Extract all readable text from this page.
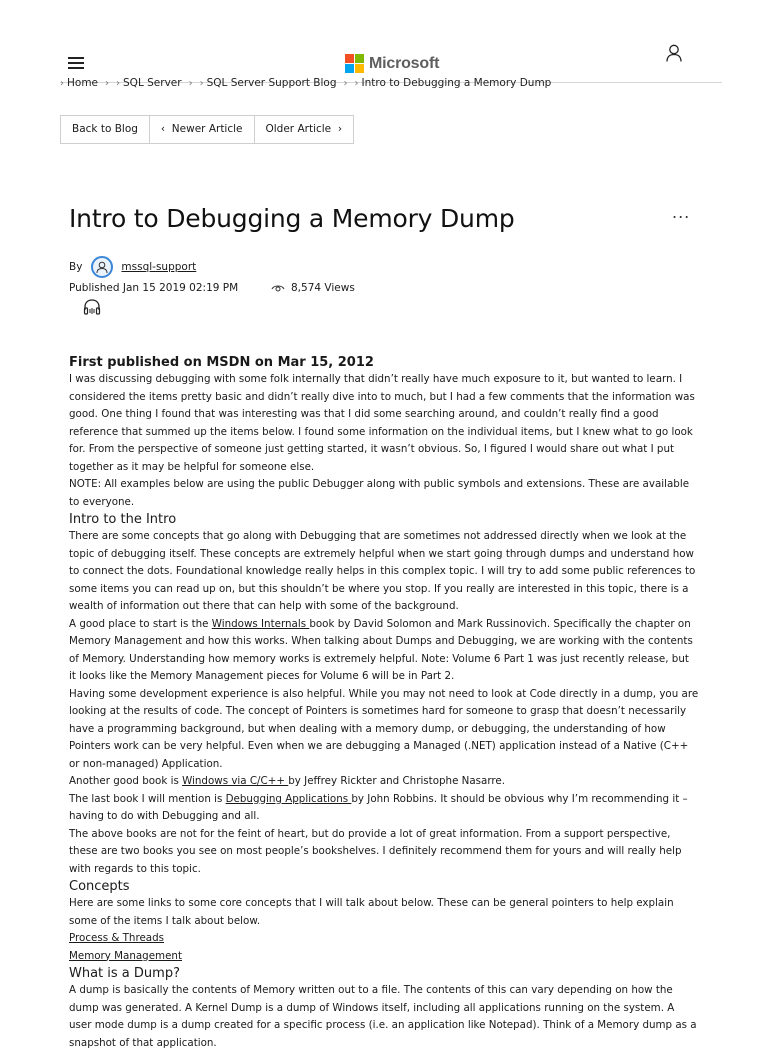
Microsoft
› Home › › SQL Server › › SQL Server Support Blog › › Intro to Debugging a Memory Dump
Back to Blog	‹  Newer Article	Older Article  ›
Intro to Debugging a Memory Dump	...
By	mssql-support
Published Jan 15 2019 02:19 PM	8,574 Views
First published on MSDN on Mar 15, 2012

I was discussing debugging with some folk internally that didn’t really have much exposure to it, but wanted to learn. I considered the items pretty basic and didn’t really dive into to much, but I had a few comments that the information was good. One thing I found that was interesting was that I did some searching around, and couldn’t really find a good reference that summed up the items below. I found some information on the individual items, but I knew what to go look for. From the perspective of someone just getting started, it wasn’t obvious. So, I figured I would share out what I put together as it may be helpful for someone else.

NOTE: All examples below are using the public Debugger along with public symbols and extensions. These are available to everyone.

Intro to the Intro

There are some concepts that go along with Debugging that are sometimes not addressed directly when we look at the topic of debugging itself. These concepts are extremely helpful when we start going through dumps and understand how to connect the dots. Foundational knowledge really helps in this complex topic. I will try to add some public references to some items you can read up on, but this shouldn’t be where you stop. If you really are interested in this topic, there is a wealth of information out there that can help with some of the background.

A good place to start is the Windows Internals book by David Solomon and Mark Russinovich. Specifically the chapter on Memory Management and how this works. When talking about Dumps and Debugging, we are working with the contents of Memory. Understanding how memory works is extremely helpful. Note: Volume 6 Part 1 was just recently release, but it looks like the Memory Management pieces for Volume 6 will be in Part 2.

Having some development experience is also helpful. While you may not need to look at Code directly in a dump, you are looking at the results of code. The concept of Pointers is sometimes hard for someone to grasp that doesn’t necessarily have a programming background, but when dealing with a memory dump, or debugging, the understanding of how Pointers work can be very helpful. Even when we are debugging a Managed (.NET) application instead of a Native (C++ or non-managed) Application.

Another good book is Windows via C/C++ by Jeffrey Rickter and Christophe Nasarre.

The last book I will mention is Debugging Applications by John Robbins. It should be obvious why I’m recommending it – having to do with Debugging and all.

The above books are not for the feint of heart, but do provide a lot of great information. From a support perspective, these are two books you see on most people’s bookshelves. I definitely recommend them for yours and will really help with regards to this topic.

Concepts

Here are some links to some core concepts that I will talk about below. These can be general pointers to help explain some of the items I talk about below.

Process & Threads

Memory Management

What is a Dump?

A dump is basically the contents of Memory written out to a file. The contents of this can vary depending on how the dump was generated. A Kernel Dump is a dump of Windows itself, including all applications running on the system. A user mode dump is a dump created for a specific process (i.e. an application like Notepad). Think of a Memory dump as a snapshot of that application.
